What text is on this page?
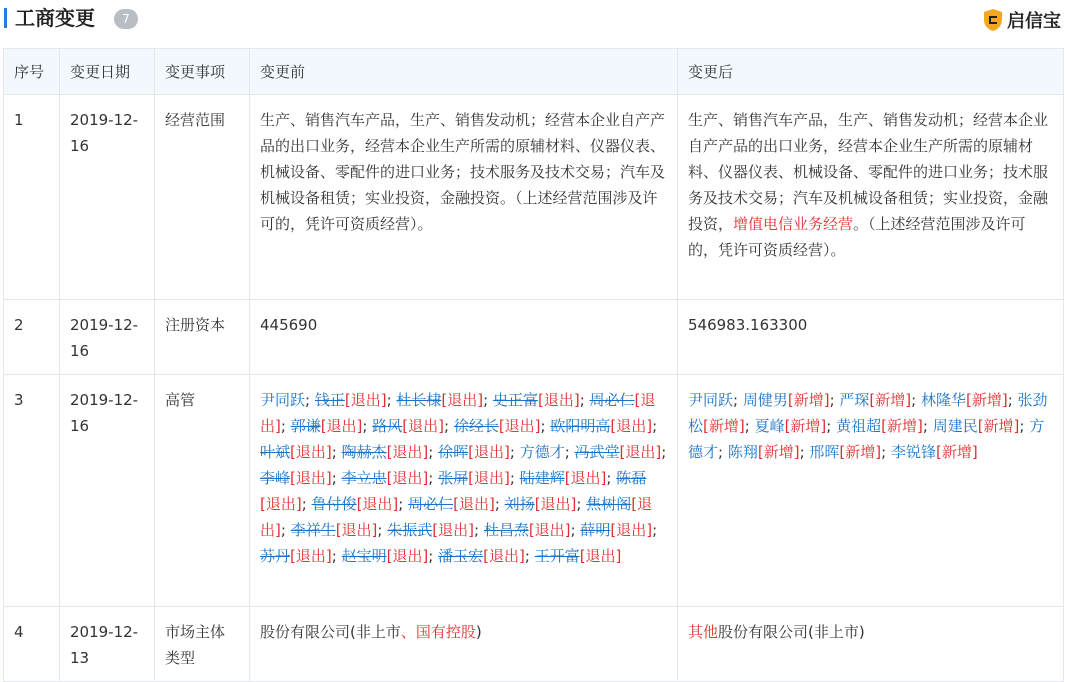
工商变更	7	启信宝
序号	变更日期	变更事项	变更前	变更后
1	2019-12-16	经营范围	生产、销售汽车产品，生产、销售发动机；经营本企业自产产品的出口业务，经营本企业生产所需的原辅材料、仪器仪表、机械设备、零配件的进口业务；技术服务及技术交易；汽车及机械设备租赁；实业投资，金融投资。（上述经营范围涉及许可的，凭许可资质经营）。	生产、销售汽车产品，生产、销售发动机；经营本企业自产产品的出口业务，经营本企业生产所需的原辅材料、仪器仪表、机械设备、零配件的进口业务；技术服务及技术交易；汽车及机械设备租赁；实业投资，金融投资，增值电信业务经营。（上述经营范围涉及许可的，凭许可资质经营）。
2	2019-12-16	注册资本	445690	546983.163300
3	2019-12-16	高管	尹同跃; 钱正[退出]; 杜长棣[退出]; 史正富[退出]; 周必仁[退出]; 郭谦[退出]; 路风[退出]; 徐经长[退出]; 欧阳明高[退出]; 叶斌[退出]; 陶赫杰[退出]; 徐晖[退出]; 方德才; 冯武堂[退出]; 李峰[退出]; 李立忠[退出]; 张屏[退出]; 陆建辉[退出]; 陈磊[退出]; 鲁付俊[退出]; 周必仁[退出]; 刘扬[退出]; 焦树阁[退出]; 李祥生[退出]; 朱振武[退出]; 杜昌焘[退出]; 薛明[退出]; 苏丹[退出]; 赵宝明[退出]; 潘玉宏[退出]; 王开富[退出]	尹同跃; 周健男[新增]; 严琛[新增]; 林隆华[新增]; 张劲松[新增]; 夏峰[新增]; 黄祖超[新增]; 周建民[新增]; 方德才; 陈翔[新增]; 邢晖[新增]; 李锐锋[新增]
4	2019-12-13	市场主体类型	股份有限公司(非上市、国有控股)	其他股份有限公司(非上市)
